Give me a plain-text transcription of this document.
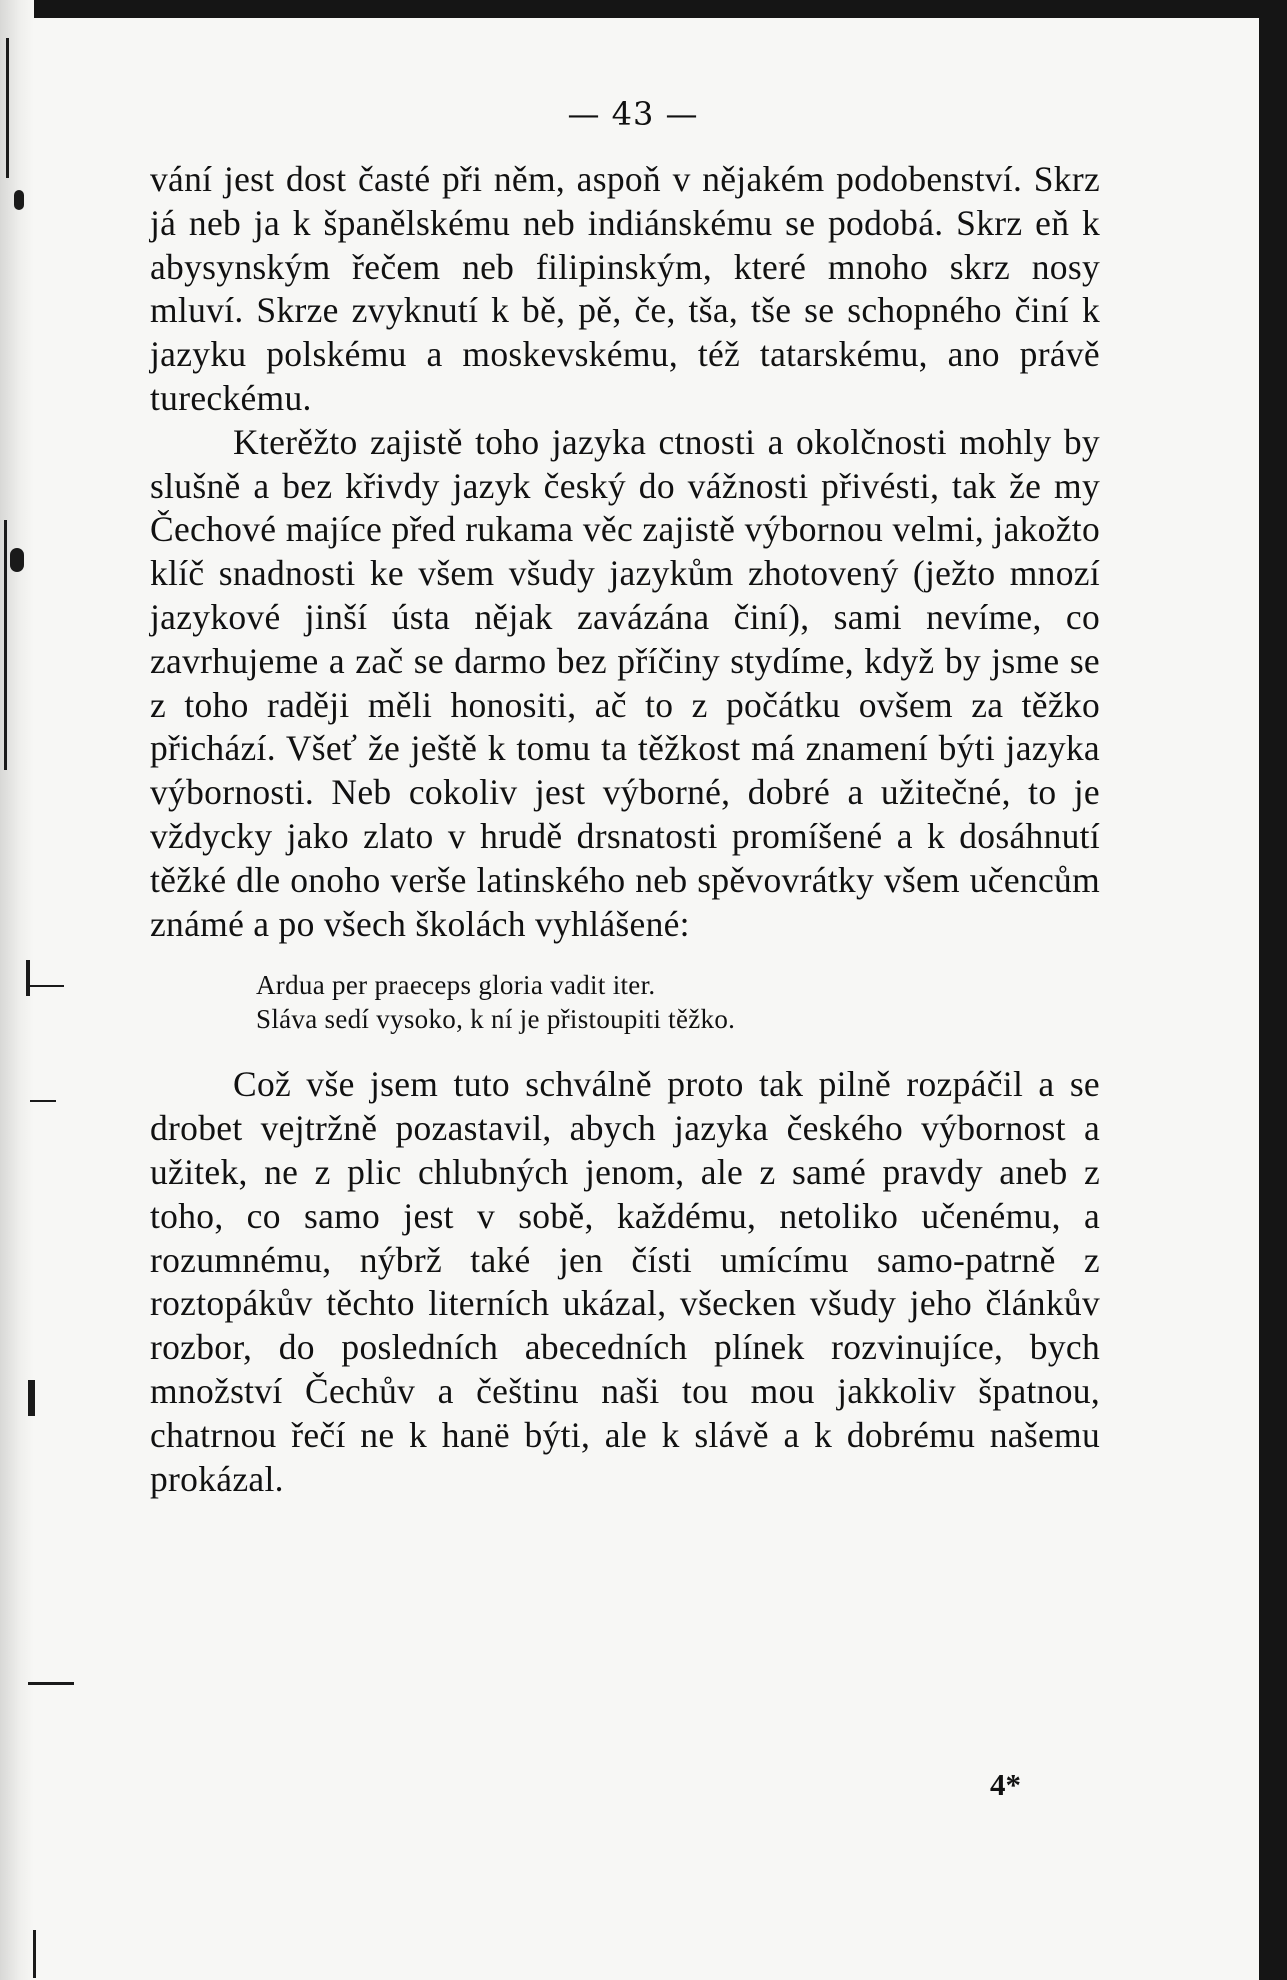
— 43 —

vání jest dost časté při něm, aspoň v nějakém podobenství. Skrz já neb ja k španělskému neb indiánskému se podobá. Skrz eň k abysynským řečem neb filipinským, které mnoho skrz nosy mluví. Skrze zvyknutí k bě, pě, če, tša, tše se schopného činí k jazyku polskému a moskevskému, též tatarskému, ano právě tureckému.

Kterěžto zajistě toho jazyka ctnosti a okolčnosti mohly by slušně a bez křivdy jazyk český do vážnosti přivésti, tak že my Čechové majíce před rukama věc zajistě výbornou velmi, jakožto klíč snadnosti ke všem všudy jazykům zhotovený (ježto mnozí jazykové jinší ústa nějak zavázána činí), sami nevíme, co zavrhujeme a zač se darmo bez příčiny stydíme, když by jsme se z toho raději měli honositi, ač to z počátku ovšem za těžko přichází. Všeť že ještě k tomu ta těžkost má znamení býti jazyka výbornosti. Neb cokoliv jest výborné, dobré a užitečné, to je vždycky jako zlato v hrudě drsnatosti promíšené a k dosáhnutí těžké dle onoho verše latinského neb spěvovrátky všem učencům známé a po všech školách vyhlášené:

Ardua per praeceps gloria vadit iter.
Sláva sedí vysoko, k ní je přistoupiti těžko.

Což vše jsem tuto schválně proto tak pilně rozpáčil a se drobet vejtržně pozastavil, abych jazyka českého výbornost a užitek, ne z plic chlubných jenom, ale z samé pravdy aneb z toho, co samo jest v sobě, každému, netoliko učenému, a rozumnému, nýbrž také jen čísti umícímu samo-patrně z roztopákův těchto literních ukázal, všecken všudy jeho článkův rozbor, do posledních abecedních plínek rozvinujíce, bych množství Čechův a češtinu naši tou mou jakkoliv špatnou, chatrnou řečí ne k hanë býti, ale k slávě a k dobrému našemu prokázal.

4*
